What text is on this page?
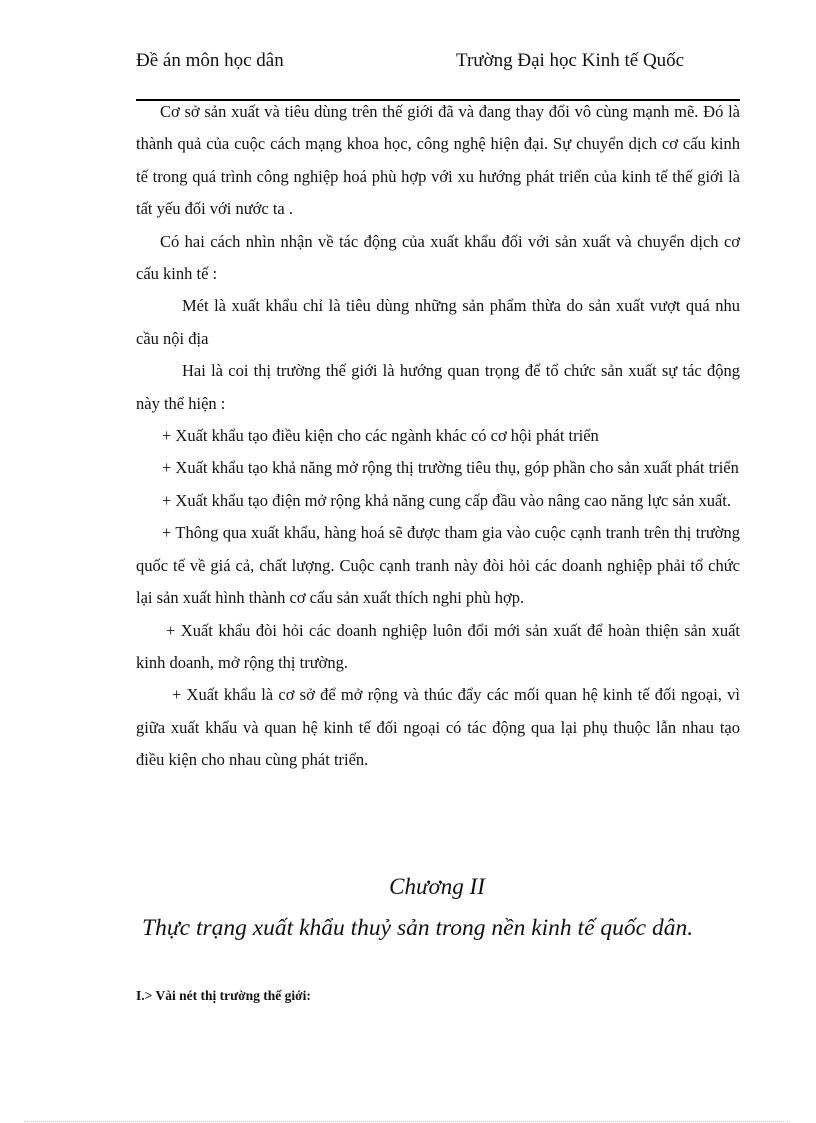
Đề án môn học dân	Trường Đại học Kinh tế Quốc

Cơ sở sản xuất và tiêu dùng trên thế giới đã và đang thay đổi vô cùng mạnh mẽ. Đó là thành quả của cuộc cách mạng khoa học, công nghệ hiện đại. Sự chuyển dịch cơ cấu kinh tế trong quá trình công nghiệp hoá phù hợp với xu hướng phát triển của kinh tế thế giới là tất yếu đối với nước ta .

Có hai cách nhìn nhận về tác động của xuất khẩu đối với sản xuất và chuyển dịch cơ cấu kinh tế :

Mét là xuất khẩu chỉ là tiêu dùng những sản phẩm thừa do sản xuất vượt quá nhu cầu nội địa

Hai là coi thị trường thế giới là hướng quan trọng để tổ chức sản xuất sự tác động này thể hiện :

+ Xuất khẩu tạo điều kiện cho các ngành khác có cơ hội phát triển

+ Xuất khẩu tạo khả năng mở rộng thị trường tiêu thụ, góp phần cho sản xuất phát triển

+ Xuất khẩu tạo điện mở rộng khả năng cung cấp đầu vào nâng cao năng lực sản xuất.

+ Thông qua xuất khẩu, hàng hoá sẽ được tham gia vào cuộc cạnh tranh trên thị trường quốc tế về giá cả, chất lượng. Cuộc cạnh tranh này đòi hỏi các doanh nghiệp phải tổ chức lại sản xuất hình thành cơ cấu sản xuất thích nghi phù hợp.

+ Xuất khẩu đòi hỏi các doanh nghiệp luôn đổi mới sản xuất để hoàn thiện sản xuất kinh doanh, mở rộng thị trường.

+ Xuất khẩu là cơ sở để mở rộng và thúc đẩy các mối quan hệ kinh tế đối ngoại, vì giữa xuất khẩu và quan hệ kinh tế đối ngoại có tác động qua lại phụ thuộc lẫn nhau tạo điều kiện cho nhau cùng phát triển.

Chương II
Thực trạng xuất khẩu thuỷ sản trong nền kinh tế quốc dân.
I.> Vài nét thị trường thế giới:
